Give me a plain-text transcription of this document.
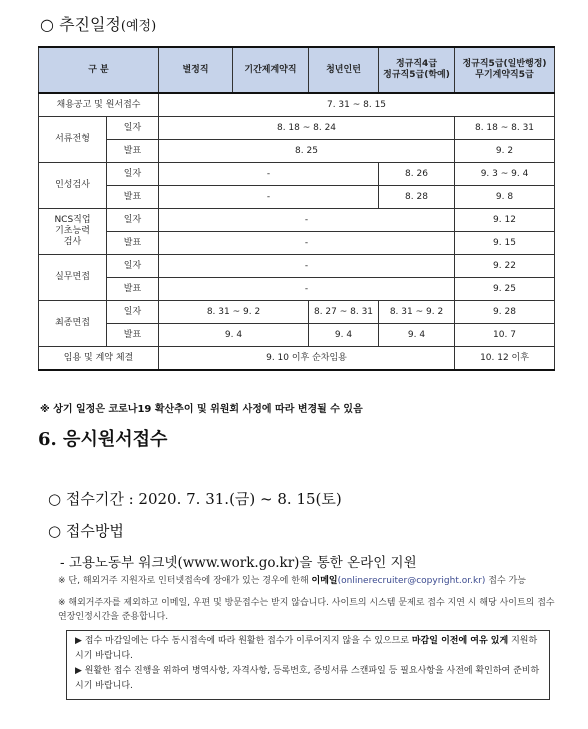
○ 추진일정(예정)
구 분		별정직	기간제계약직	청년인턴	정규직4급
정규직5급(학예)	정규직5급(일반행정)
무기계약직5급
채용공고 및 원서접수		7. 31 ~ 8. 15				
서류전형	일자	8. 18 ~ 8. 24				8. 18 ~ 8. 31
	발표	8. 25				9. 2
인성검사	일자	-			8. 26	9. 3 ~ 9. 4
	발표	-			8. 28	9. 8
NCS직업
기초능력
검사	일자	-				9. 12
	발표	-				9. 15
실무면접	일자	-				9. 22
	발표	-				9. 25
최종면접	일자	8. 31 ~ 9. 2		8. 27 ~ 8. 31	8. 31 ~ 9. 2	9. 28
	발표	9. 4		9. 4	9. 4	10. 7
임용 및 계약 체결		9. 10 이후 순차임용				10. 12 이후
※ 상기 일정은 코로나19 확산추이 및 위원회 사정에 따라 변경될 수 있음
6. 응시원서접수
○ 접수기간 : 2020. 7. 31.(금) ~ 8. 15(토)
○ 접수방법
- 고용노동부 워크넷(www.work.go.kr)을 통한 온라인 지원
※ 단, 해외거주 지원자로 인터넷접속에 장애가 있는 경우에 한해 이메일(onlinerecruiter@copyright.or.kr) 접수 가능
※ 해외거주자를 제외하고 이메일, 우편 및 방문접수는 받지 않습니다. 사이트의 시스템 문제로 접수 지연 시 해당 사이트의 접수 연장인정시간을 준용합니다.
▶ 접수 마감일에는 다수 동시접속에 따라 원활한 접수가 이루어지지 않을 수 있으므로 마감일 이전에 여유 있게 지원하시기 바랍니다.
▶ 원활한 접수 진행을 위하여 병역사항, 자격사항, 등록번호, 증빙서류 스캔파일 등 필요사항을 사전에 확인하여 준비하시기 바랍니다.
